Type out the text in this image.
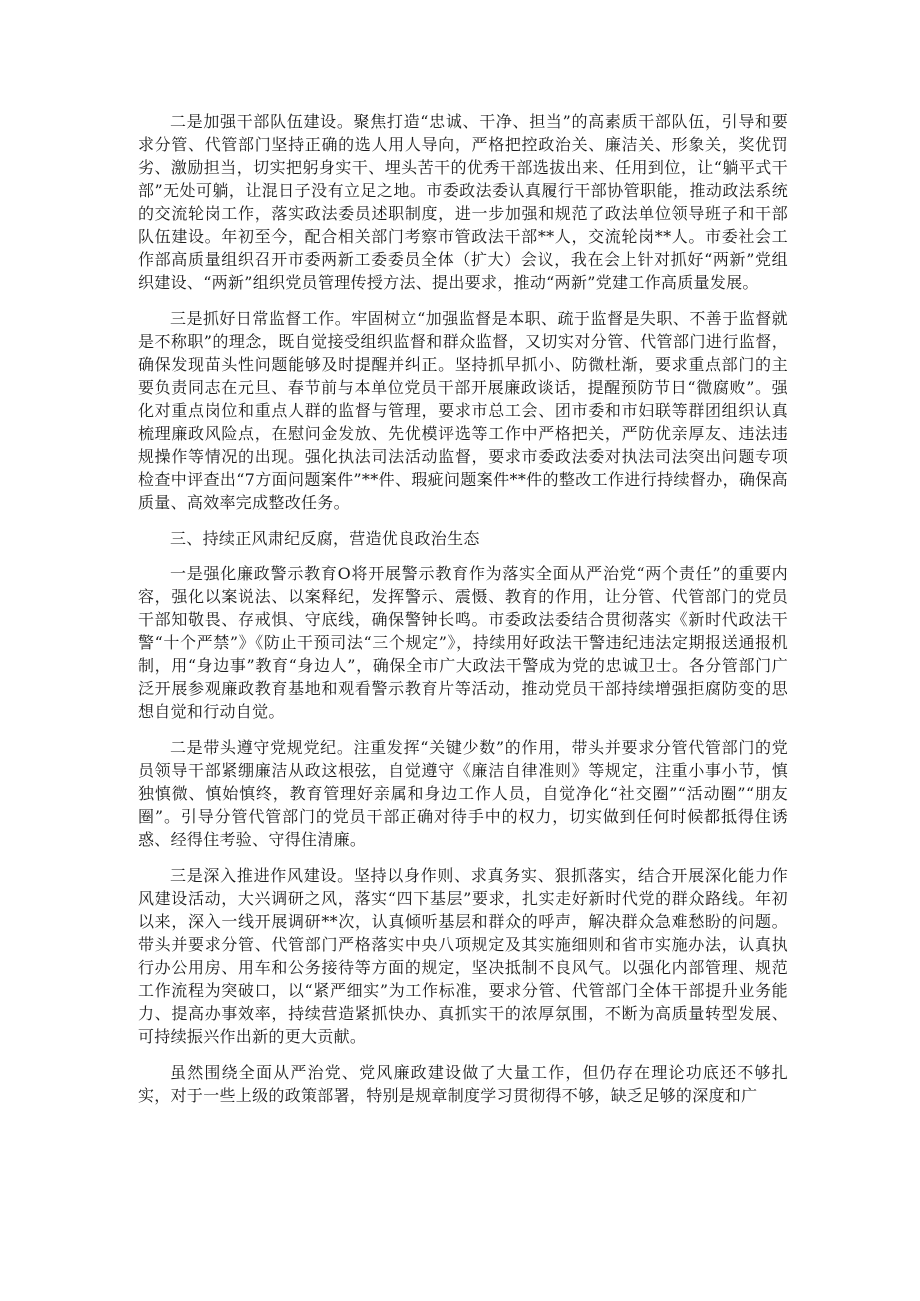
二是加强干部队伍建设。聚焦打造“忠诚、干净、担当”的高素质干部队伍，引导和要求分管、代管部门坚持正确的选人用人导向，严格把控政治关、廉洁关、形象关，奖优罚劣、激励担当，切实把躬身实干、埋头苦干的优秀干部选拔出来、任用到位，让“躺平式干部”无处可躺，让混日子没有立足之地。市委政法委认真履行干部协管职能，推动政法系统的交流轮岗工作，落实政法委员述职制度，进一步加强和规范了政法单位领导班子和干部队伍建设。年初至今，配合相关部门考察市管政法干部**人，交流轮岗**人。市委社会工作部高质量组织召开市委两新工委委员全体（扩大）会议，我在会上针对抓好“两新”党组织建设、“两新”组织党员管理传授方法、提出要求，推动“两新”党建工作高质量发展。

三是抓好日常监督工作。牢固树立“加强监督是本职、疏于监督是失职、不善于监督就是不称职”的理念，既自觉接受组织监督和群众监督，又切实对分管、代管部门进行监督，确保发现苗头性问题能够及时提醒并纠正。坚持抓早抓小、防微杜渐，要求重点部门的主要负责同志在元旦、春节前与本单位党员干部开展廉政谈话，提醒预防节日“微腐败”。强化对重点岗位和重点人群的监督与管理，要求市总工会、团市委和市妇联等群团组织认真梳理廉政风险点，在慰问金发放、先优模评选等工作中严格把关，严防优亲厚友、违法违规操作等情况的出现。强化执法司法活动监督，要求市委政法委对执法司法突出问题专项检查中评查出“7方面问题案件”**件、瑕疵问题案件**件的整改工作进行持续督办，确保高质量、高效率完成整改任务。

三、持续正风肃纪反腐，营造优良政治生态

一是强化廉政警示教育O将开展警示教育作为落实全面从严治党“两个责任”的重要内容，强化以案说法、以案释纪，发挥警示、震慑、教育的作用，让分管、代管部门的党员干部知敬畏、存戒惧、守底线，确保警钟长鸣。市委政法委结合贯彻落实《新时代政法干警“十个严禁”》《防止干预司法“三个规定”》，持续用好政法干警违纪违法定期报送通报机制，用“身边事”教育“身边人”，确保全市广大政法干警成为党的忠诚卫士。各分管部门广泛开展参观廉政教育基地和观看警示教育片等活动，推动党员干部持续增强拒腐防变的思想自觉和行动自觉。

二是带头遵守党规党纪。注重发挥“关键少数”的作用，带头并要求分管代管部门的党员领导干部紧绷廉洁从政这根弦，自觉遵守《廉洁自律准则》等规定，注重小事小节，慎独慎微、慎始慎终，教育管理好亲属和身边工作人员，自觉净化“社交圈”“活动圈”“朋友圈”。引导分管代管部门的党员干部正确对待手中的权力，切实做到任何时候都抵得住诱惑、经得住考验、守得住清廉。

三是深入推进作风建设。坚持以身作则、求真务实、狠抓落实，结合开展深化能力作风建设活动，大兴调研之风，落实“四下基层”要求，扎实走好新时代党的群众路线。年初以来，深入一线开展调研**次，认真倾听基层和群众的呼声，解决群众急难愁盼的问题。带头并要求分管、代管部门严格落实中央八项规定及其实施细则和省市实施办法，认真执行办公用房、用车和公务接待等方面的规定，坚决抵制不良风气。以强化内部管理、规范工作流程为突破口，以“紧严细实”为工作标准，要求分管、代管部门全体干部提升业务能力、提高办事效率，持续营造紧抓快办、真抓实干的浓厚氛围，不断为高质量转型发展、可持续振兴作出新的更大贡献。

虽然围绕全面从严治党、党风廉政建设做了大量工作，但仍存在理论功底还不够扎实，对于一些上级的政策部署，特别是规章制度学习贯彻得不够，缺乏足够的深度和广
